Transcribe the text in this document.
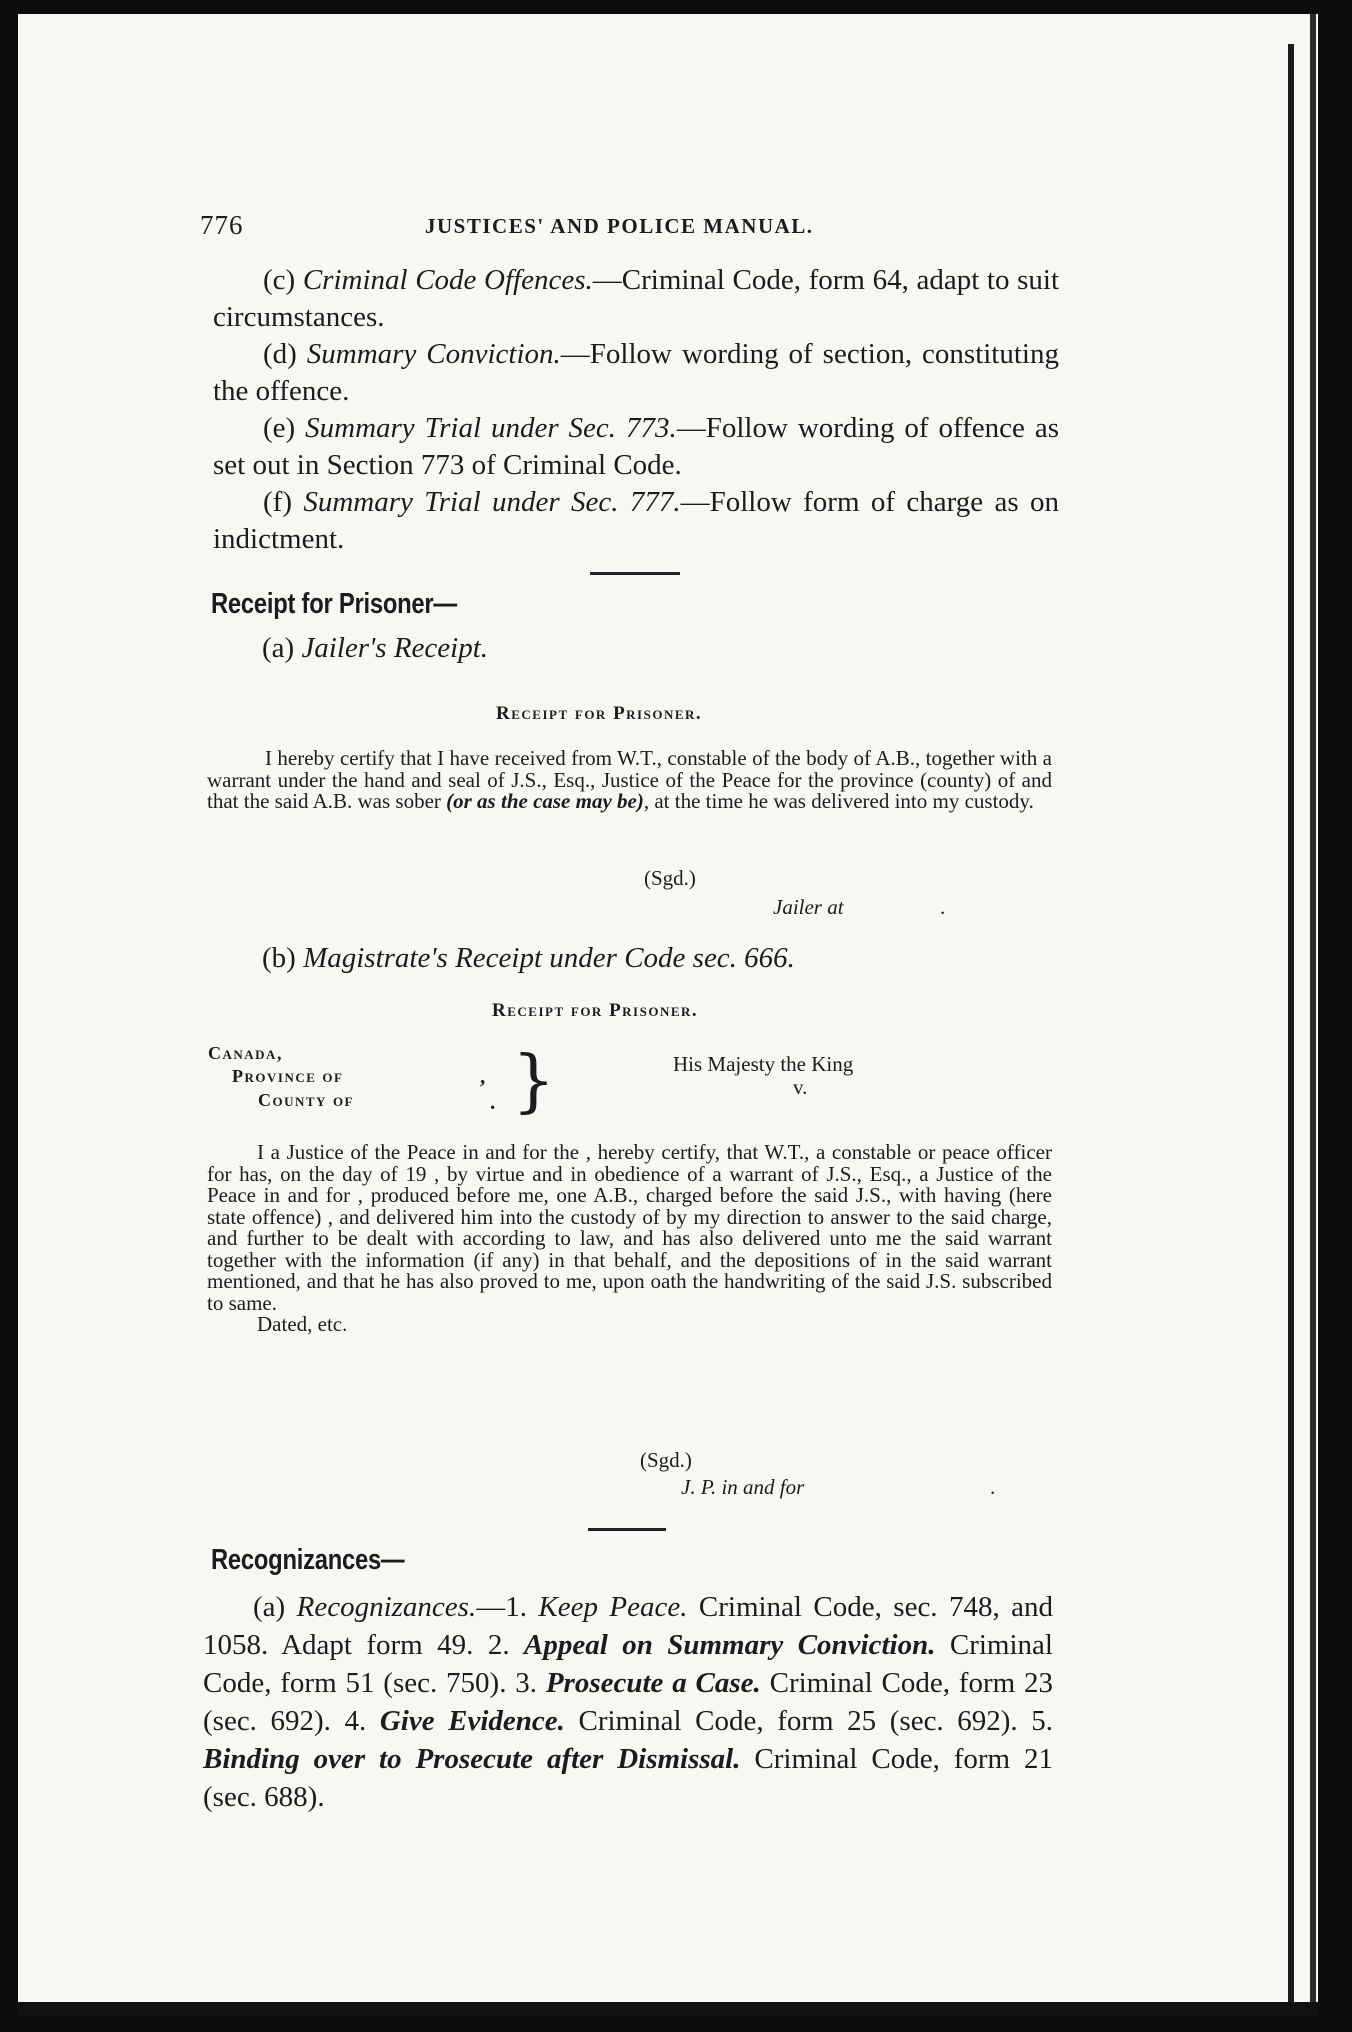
776	JUSTICES' AND POLICE MANUAL.
(c) Criminal Code Offences.—Criminal Code, form 64, adapt to suit circumstances.
(d) Summary Conviction.—Follow wording of section, constituting the offence.
(e) Summary Trial under Sec. 773.—Follow wording of offence as set out in Section 773 of Criminal Code.
(f) Summary Trial under Sec. 777.—Follow form of charge as on indictment.
Receipt for Prisoner—
(a) Jailer's Receipt.
Receipt for Prisoner.
I hereby certify that I have received from W.T., constable of the body of A.B., together with a warrant under the hand and seal of J.S., Esq., Justice of the Peace for the province (county) of and that the said A.B. was sober (or as the case may be), at the time he was delivered into my custody.
(Sgd.)
Jailer at	.
(b) Magistrate's Receipt under Code sec. 666.
Receipt for Prisoner.
Canada,
Province of
County of
,
. }	His Majesty the King
v.
I a Justice of the Peace in and for the , hereby certify, that W.T., a constable or peace officer for has, on the day of 19 , by virtue and in obedience of a warrant of J.S., Esq., a Justice of the Peace in and for , produced before me, one A.B., charged before the said J.S., with having (here state offence) , and delivered him into the custody of by my direction to answer to the said charge, and further to be dealt with according to law, and has also delivered unto me the said warrant together with the information (if any) in that behalf, and the depositions of in the said warrant mentioned, and that he has also proved to me, upon oath the handwriting of the said J.S. subscribed to same.
Dated, etc.
(Sgd.)
J. P. in and for	.
Recognizances—
(a) Recognizances.—1. Keep Peace. Criminal Code, sec. 748, and 1058. Adapt form 49. 2. Appeal on Summary Conviction. Criminal Code, form 51 (sec. 750). 3. Prosecute a Case. Criminal Code, form 23 (sec. 692). 4. Give Evidence. Criminal Code, form 25 (sec. 692). 5. Binding over to Prosecute after Dismissal. Criminal Code, form 21 (sec. 688).
